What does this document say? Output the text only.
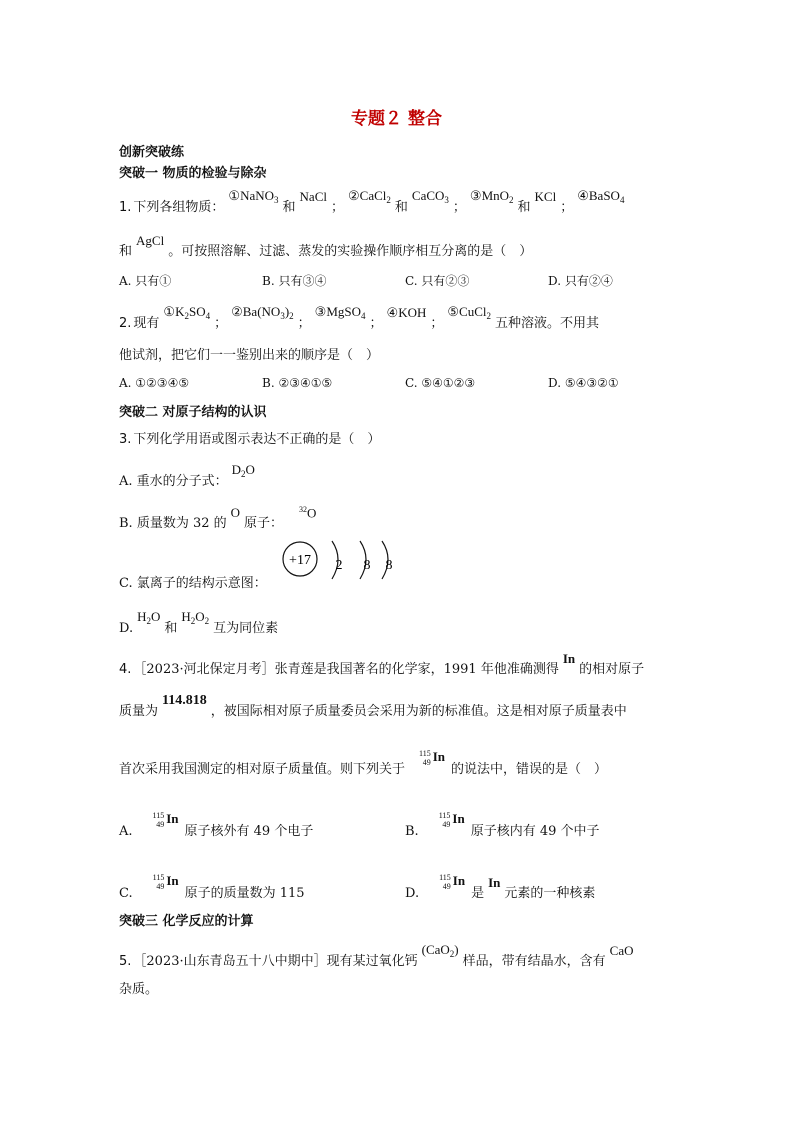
专题２ 整合
创新突破练
突破一 物质的检验与除杂
1. 下列各组物质：
①NaNO$_3$ 和
NaCl
；
②CaCl$_2$ 和
CaCO$_3$ ；
③MnO$_2$ 和
KCl
；
④BaSO$_4$
和
AgCl
。可按照溶解、过滤、蒸发的实验操作顺序相互分离的是（　）
A. 只有①	B. 只有③④	C. 只有②③	D. 只有②④
2. 现有
$①K_2SO_4$ ；
$②Ba(NO_3)_2$ ；
③MgSO$_4$ ；
④KOH
；
⑤CuCl$_2$ 五种溶液。不用其
他试剂，把它们一一鉴别出来的顺序是（　）
A. ①②③④⑤	B. ②③④①⑤	C. ⑤④①②③	D. ⑤④③②①
突破二 对原子结构的认识
3. 下列化学用语或图示表达不正确的是（　）
A. 重水的分子式：
$D_2O$
B. 质量数为 32 的
O
原子：
$^{32}$O
C. 氯离子的结构示意图：
+17 2 8 8
D.
$H_2O$
和
$H_2O_2$ 互为同位素
4. ［2023·河北保定月考］张青莲是我国著名的化学家，1991 年他准确测得
In
的相对原子
质量为
114.818
，被国际相对原子质量委员会采用为新的标准值。这是相对原子质量表中
首次采用我国测定的相对原子质量值。则下列关于
115
49 In
的说法中，错误的是（　）
A.
115
49 In
原子核外有 49 个电子	B.
115
49 In
原子核内有 49 个中子
C.
115
49 In
原子的质量数为 115	D.
115
49 In
是
In
元素的一种核素
突破三 化学反应的计算
5. ［2023·山东青岛五十八中期中］现有某过氧化钙
(CaO$_2$)
样品，带有结晶水，含有
CaO
杂质。
